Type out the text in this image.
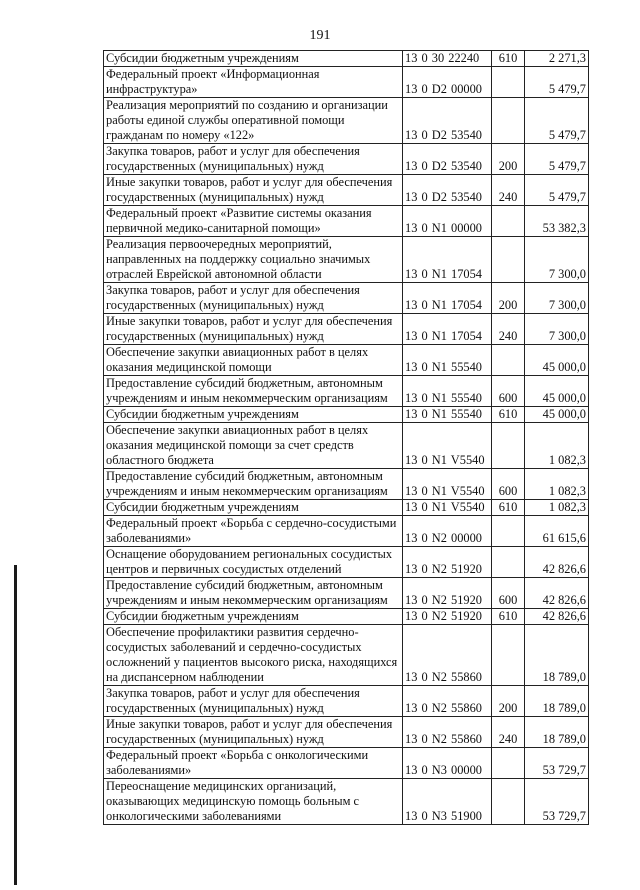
191
Субсидии бюджетным учреждениям	13 0 30 22240	610	2 271,3
Федеральный проект «Информационная инфраструктура»	13 0 D2 00000		5 479,7
Реализация мероприятий по созданию и организации работы единой службы оперативной помощи гражданам по номеру «122»	13 0 D2 53540		5 479,7
Закупка товаров, работ и услуг для обеспечения государственных (муниципальных) нужд	13 0 D2 53540	200	5 479,7
Иные закупки товаров, работ и услуг для обеспечения государственных (муниципальных) нужд	13 0 D2 53540	240	5 479,7
Федеральный проект «Развитие системы оказания первичной медико-санитарной помощи»	13 0 N1 00000		53 382,3
Реализация первоочередных мероприятий, направленных на поддержку социально значимых отраслей Еврейской автономной области	13 0 N1 17054		7 300,0
Закупка товаров, работ и услуг для обеспечения государственных (муниципальных) нужд	13 0 N1 17054	200	7 300,0
Иные закупки товаров, работ и услуг для обеспечения государственных (муниципальных) нужд	13 0 N1 17054	240	7 300,0
Обеспечение закупки авиационных работ в целях оказания медицинской помощи	13 0 N1 55540		45 000,0
Предоставление субсидий бюджетным, автономным учреждениям и иным некоммерческим организациям	13 0 N1 55540	600	45 000,0
Субсидии бюджетным учреждениям	13 0 N1 55540	610	45 000,0
Обеспечение закупки авиационных работ в целях оказания медицинской помощи за счет средств областного бюджета	13 0 N1 V5540		1 082,3
Предоставление субсидий бюджетным, автономным учреждениям и иным некоммерческим организациям	13 0 N1 V5540	600	1 082,3
Субсидии бюджетным учреждениям	13 0 N1 V5540	610	1 082,3
Федеральный проект «Борьба с сердечно-сосудистыми заболеваниями»	13 0 N2 00000		61 615,6
Оснащение оборудованием региональных сосудистых центров и первичных сосудистых отделений	13 0 N2 51920		42 826,6
Предоставление субсидий бюджетным, автономным учреждениям и иным некоммерческим организациям	13 0 N2 51920	600	42 826,6
Субсидии бюджетным учреждениям	13 0 N2 51920	610	42 826,6
Обеспечение профилактики развития сердечно-сосудистых заболеваний и сердечно-сосудистых осложнений у пациентов высокого риска, находящихся на диспансерном наблюдении	13 0 N2 55860		18 789,0
Закупка товаров, работ и услуг для обеспечения государственных (муниципальных) нужд	13 0 N2 55860	200	18 789,0
Иные закупки товаров, работ и услуг для обеспечения государственных (муниципальных) нужд	13 0 N2 55860	240	18 789,0
Федеральный проект «Борьба с онкологическими заболеваниями»	13 0 N3 00000		53 729,7
Переоснащение медицинских организаций, оказывающих медицинскую помощь больным с онкологическими заболеваниями	13 0 N3 51900		53 729,7
